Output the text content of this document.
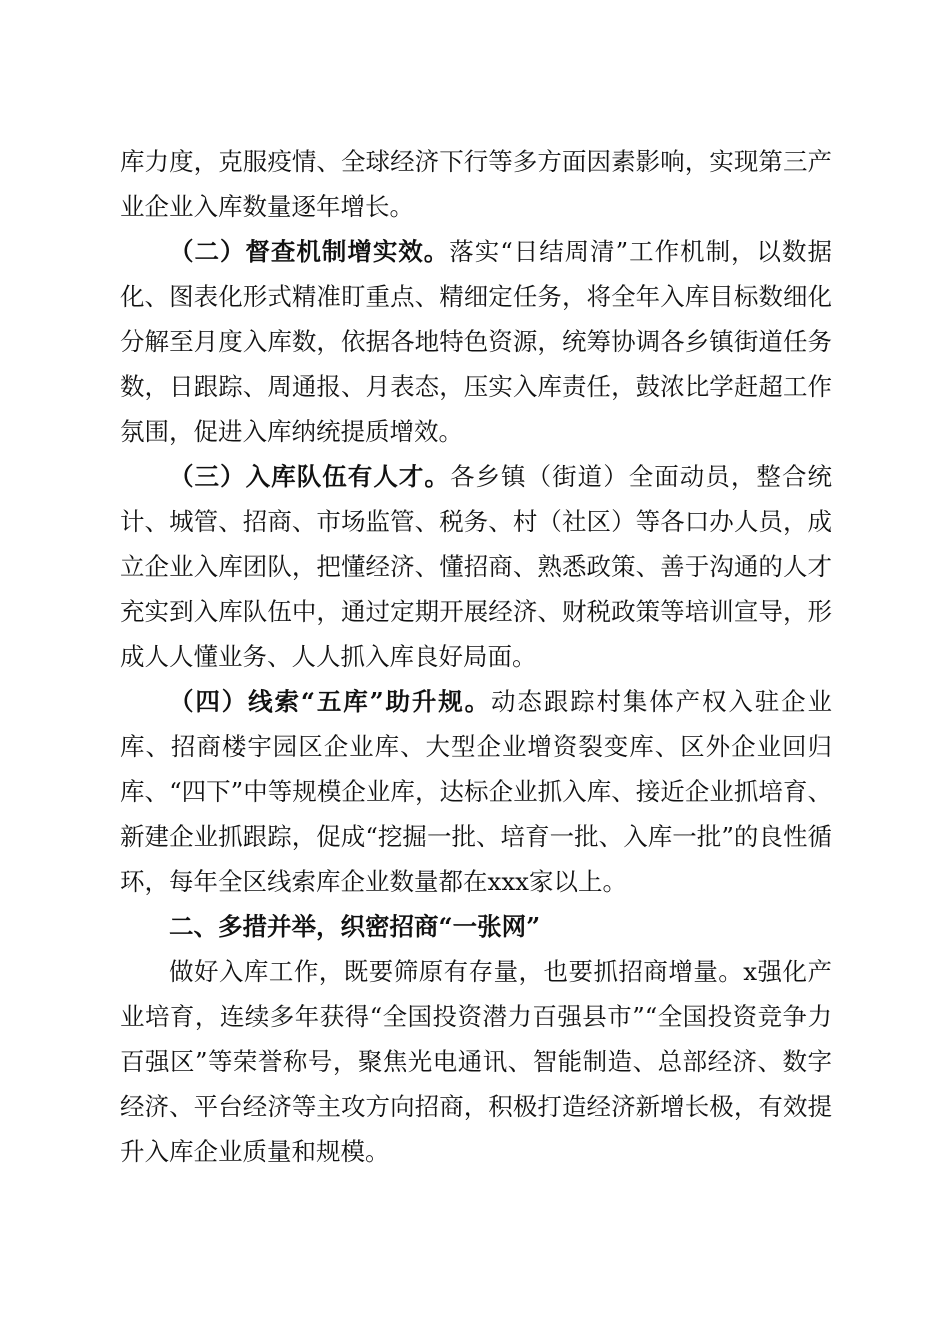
库力度，克服疫情、全球经济下行等多方面因素影响，实现第三产业企业入库数量逐年增长。

（二）督查机制增实效。落实“日结周清”工作机制，以数据化、图表化形式精准盯重点、精细定任务，将全年入库目标数细化分解至月度入库数，依据各地特色资源，统筹协调各乡镇街道任务数，日跟踪、周通报、月表态，压实入库责任，鼓浓比学赶超工作氛围，促进入库纳统提质增效。

（三）入库队伍有人才。各乡镇（街道）全面动员，整合统计、城管、招商、市场监管、税务、村（社区）等各口办人员，成立企业入库团队，把懂经济、懂招商、熟悉政策、善于沟通的人才充实到入库队伍中，通过定期开展经济、财税政策等培训宣导，形成人人懂业务、人人抓入库良好局面。

（四）线索“五库”助升规。动态跟踪村集体产权入驻企业库、招商楼宇园区企业库、大型企业增资裂变库、区外企业回归库、“四下”中等规模企业库，达标企业抓入库、接近企业抓培育、新建企业抓跟踪，促成“挖掘一批、培育一批、入库一批”的良性循环，每年全区线索库企业数量都在xxx家以上。

二、多措并举，织密招商“一张网”

做好入库工作，既要筛原有存量，也要抓招商增量。x强化产业培育，连续多年获得“全国投资潜力百强县市”“全国投资竞争力百强区”等荣誉称号，聚焦光电通讯、智能制造、总部经济、数字经济、平台经济等主攻方向招商，积极打造经济新增长极，有效提升入库企业质量和规模。
